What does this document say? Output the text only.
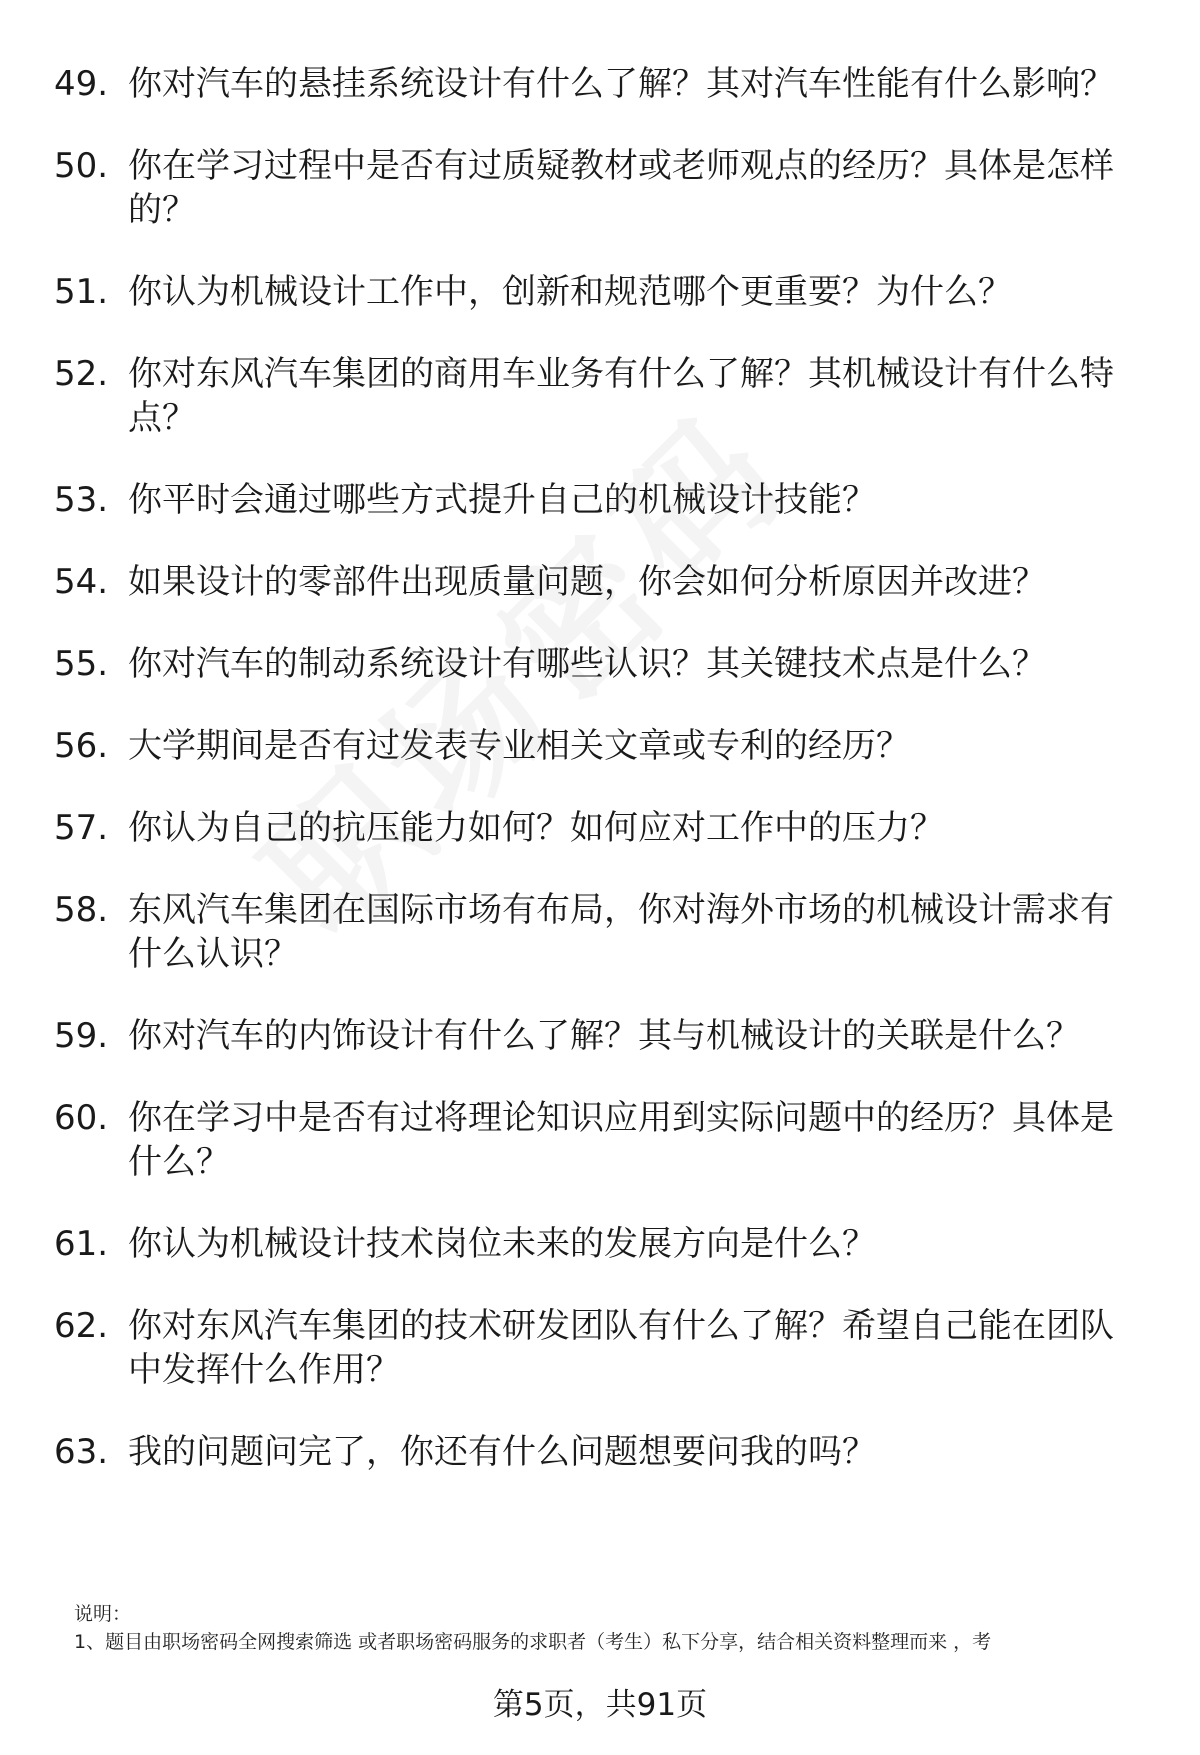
49. 你对汽车的悬挂系统设计有什么了解？其对汽车性能有什么影响？
50. 你在学习过程中是否有过质疑教材或老师观点的经历？具体是怎样的？
51. 你认为机械设计工作中，创新和规范哪个更重要？为什么？
52. 你对东风汽车集团的商用车业务有什么了解？其机械设计有什么特点？
53. 你平时会通过哪些方式提升自己的机械设计技能？
54. 如果设计的零部件出现质量问题，你会如何分析原因并改进？
55. 你对汽车的制动系统设计有哪些认识？其关键技术点是什么？
56. 大学期间是否有过发表专业相关文章或专利的经历？
57. 你认为自己的抗压能力如何？如何应对工作中的压力？
58. 东风汽车集团在国际市场有布局，你对海外市场的机械设计需求有什么认识？
59. 你对汽车的内饰设计有什么了解？其与机械设计的关联是什么？
60. 你在学习中是否有过将理论知识应用到实际问题中的经历？具体是什么？
61. 你认为机械设计技术岗位未来的发展方向是什么？
62. 你对东风汽车集团的技术研发团队有什么了解？希望自己能在团队中发挥什么作用？
63. 我的问题问完了，你还有什么问题想要问我的吗？
说明：
1、题目由职场密码全网搜索筛选 或者职场密码服务的求职者（考生）私下分享，结合相关资料整理而来 ，考
第5页，共91页
